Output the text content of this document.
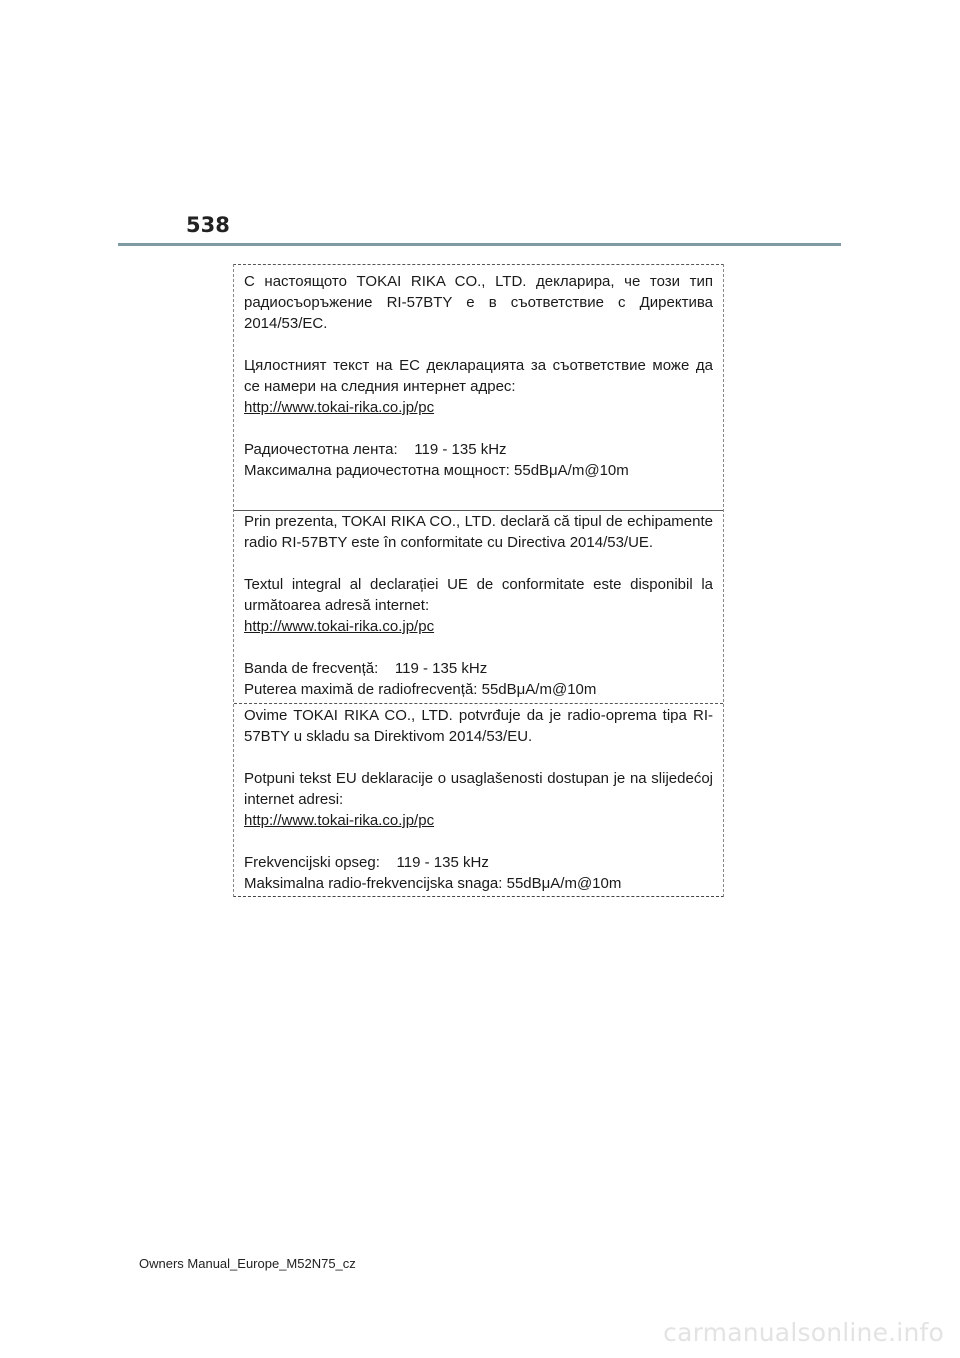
538

С настоящото TOKAI RIKA CO., LTD. декларира, че този тип радиосъоръжение RI-57BTY е в съответствие с Директива 2014/53/ЕС.

Цялостният текст на ЕС декларацията за съответствие може да се намери на следния интернет адрес:

http://www.tokai-rika.co.jp/pc

Радиочестотна лента:    119 - 135 kHz

Максимална радиочестотна мощност: 55dBμA/m@10m

Prin prezenta, TOKAI RIKA CO., LTD. declară că tipul de echipamente radio RI-57BTY este în conformitate cu Directiva 2014/53/UE.

Textul integral al declarației UE de conformitate este disponibil la următoarea adresă internet:

http://www.tokai-rika.co.jp/pc

Banda de frecvență:    119 - 135 kHz

Puterea maximă de radiofrecvență: 55dBμA/m@10m

Ovime TOKAI RIKA CO., LTD. potvrđuje da je radio-oprema tipa RI-57BTY u skladu sa Direktivom 2014/53/EU.

Potpuni tekst EU deklaracije o usaglašenosti dostupan je na slijedećoj internet adresi:

http://www.tokai-rika.co.jp/pc

Frekvencijski opseg:    119 - 135 kHz

Maksimalna radio-frekvencijska snaga: 55dBμA/m@10m

Owners Manual_Europe_M52N75_cz
carmanualsonline.info
